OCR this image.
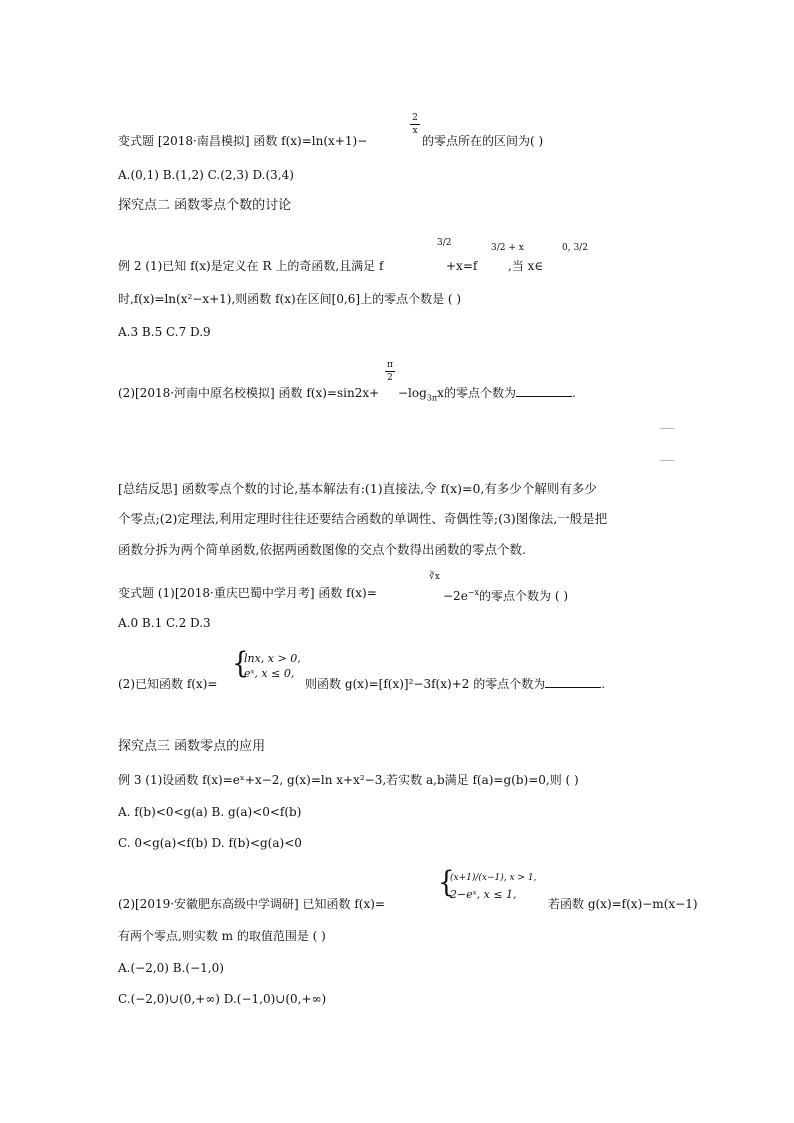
变式题 [2018·南昌模拟] 函数 f(x)=ln(x+1)−
2
x
的零点所在的区间为( )
A.(0,1) B.(1,2) C.(2,3) D.(3,4)
探究点二 函数零点个数的讨论
例 2 (1)已知 f(x)是定义在 R 上的奇函数,且满足 f
3/2
+x=f
3/2 + x
,当 x∈
0, 3/2
时,f(x)=ln(x²−x+1),则函数 f(x)在区间[0,6]上的零点个数是 ( )
A.3 B.5 C.7 D.9
(2)[2018·河南中原名校模拟] 函数 f(x)=sin2x+
π
2
$-\log_{3\pi}x$的零点个数为	.
[总结反思] 函数零点个数的讨论,基本解法有:(1)直接法,令 f(x)=0,有多少个解则有多少
个零点;(2)定理法,利用定理时往往还要结合函数的单调性、奇偶性等;(3)图像法,一般是把
函数分拆为两个简单函数,依据两函数图像的交点个数得出函数的零点个数.
变式题 (1)[2018·重庆巴蜀中学月考] 函数 f(x)=
∛x
$-2e^{-x}$的零点个数为 ( )
A.0 B.1 C.2 D.3
(2)已知函数 f(x)=
{
lnx, x > 0,
eˣ, x ≤ 0,
则函数 g(x)=[f(x)]²−3f(x)+2 的零点个数为	.
探究点三 函数零点的应用
例 3 (1)设函数 f(x)=eˣ+x−2, g(x)=ln x+x²−3,若实数 a,b满足 f(a)=g(b)=0,则 ( )
A. f(b)<0<g(a) B. g(a)<0<f(b)
C. 0<g(a)<f(b) D. f(b)<g(a)<0
(2)[2019·安徽肥东高级中学调研] 已知函数 f(x)=
{
(x+1)/(x−1), x > 1,
2−eˣ, x ≤ 1,
若函数 g(x)=f(x)−m(x−1)
有两个零点,则实数 m 的取值范围是 ( )
A.(−2,0) B.(−1,0)
C.(−2,0)∪(0,+∞) D.(−1,0)∪(0,+∞)
